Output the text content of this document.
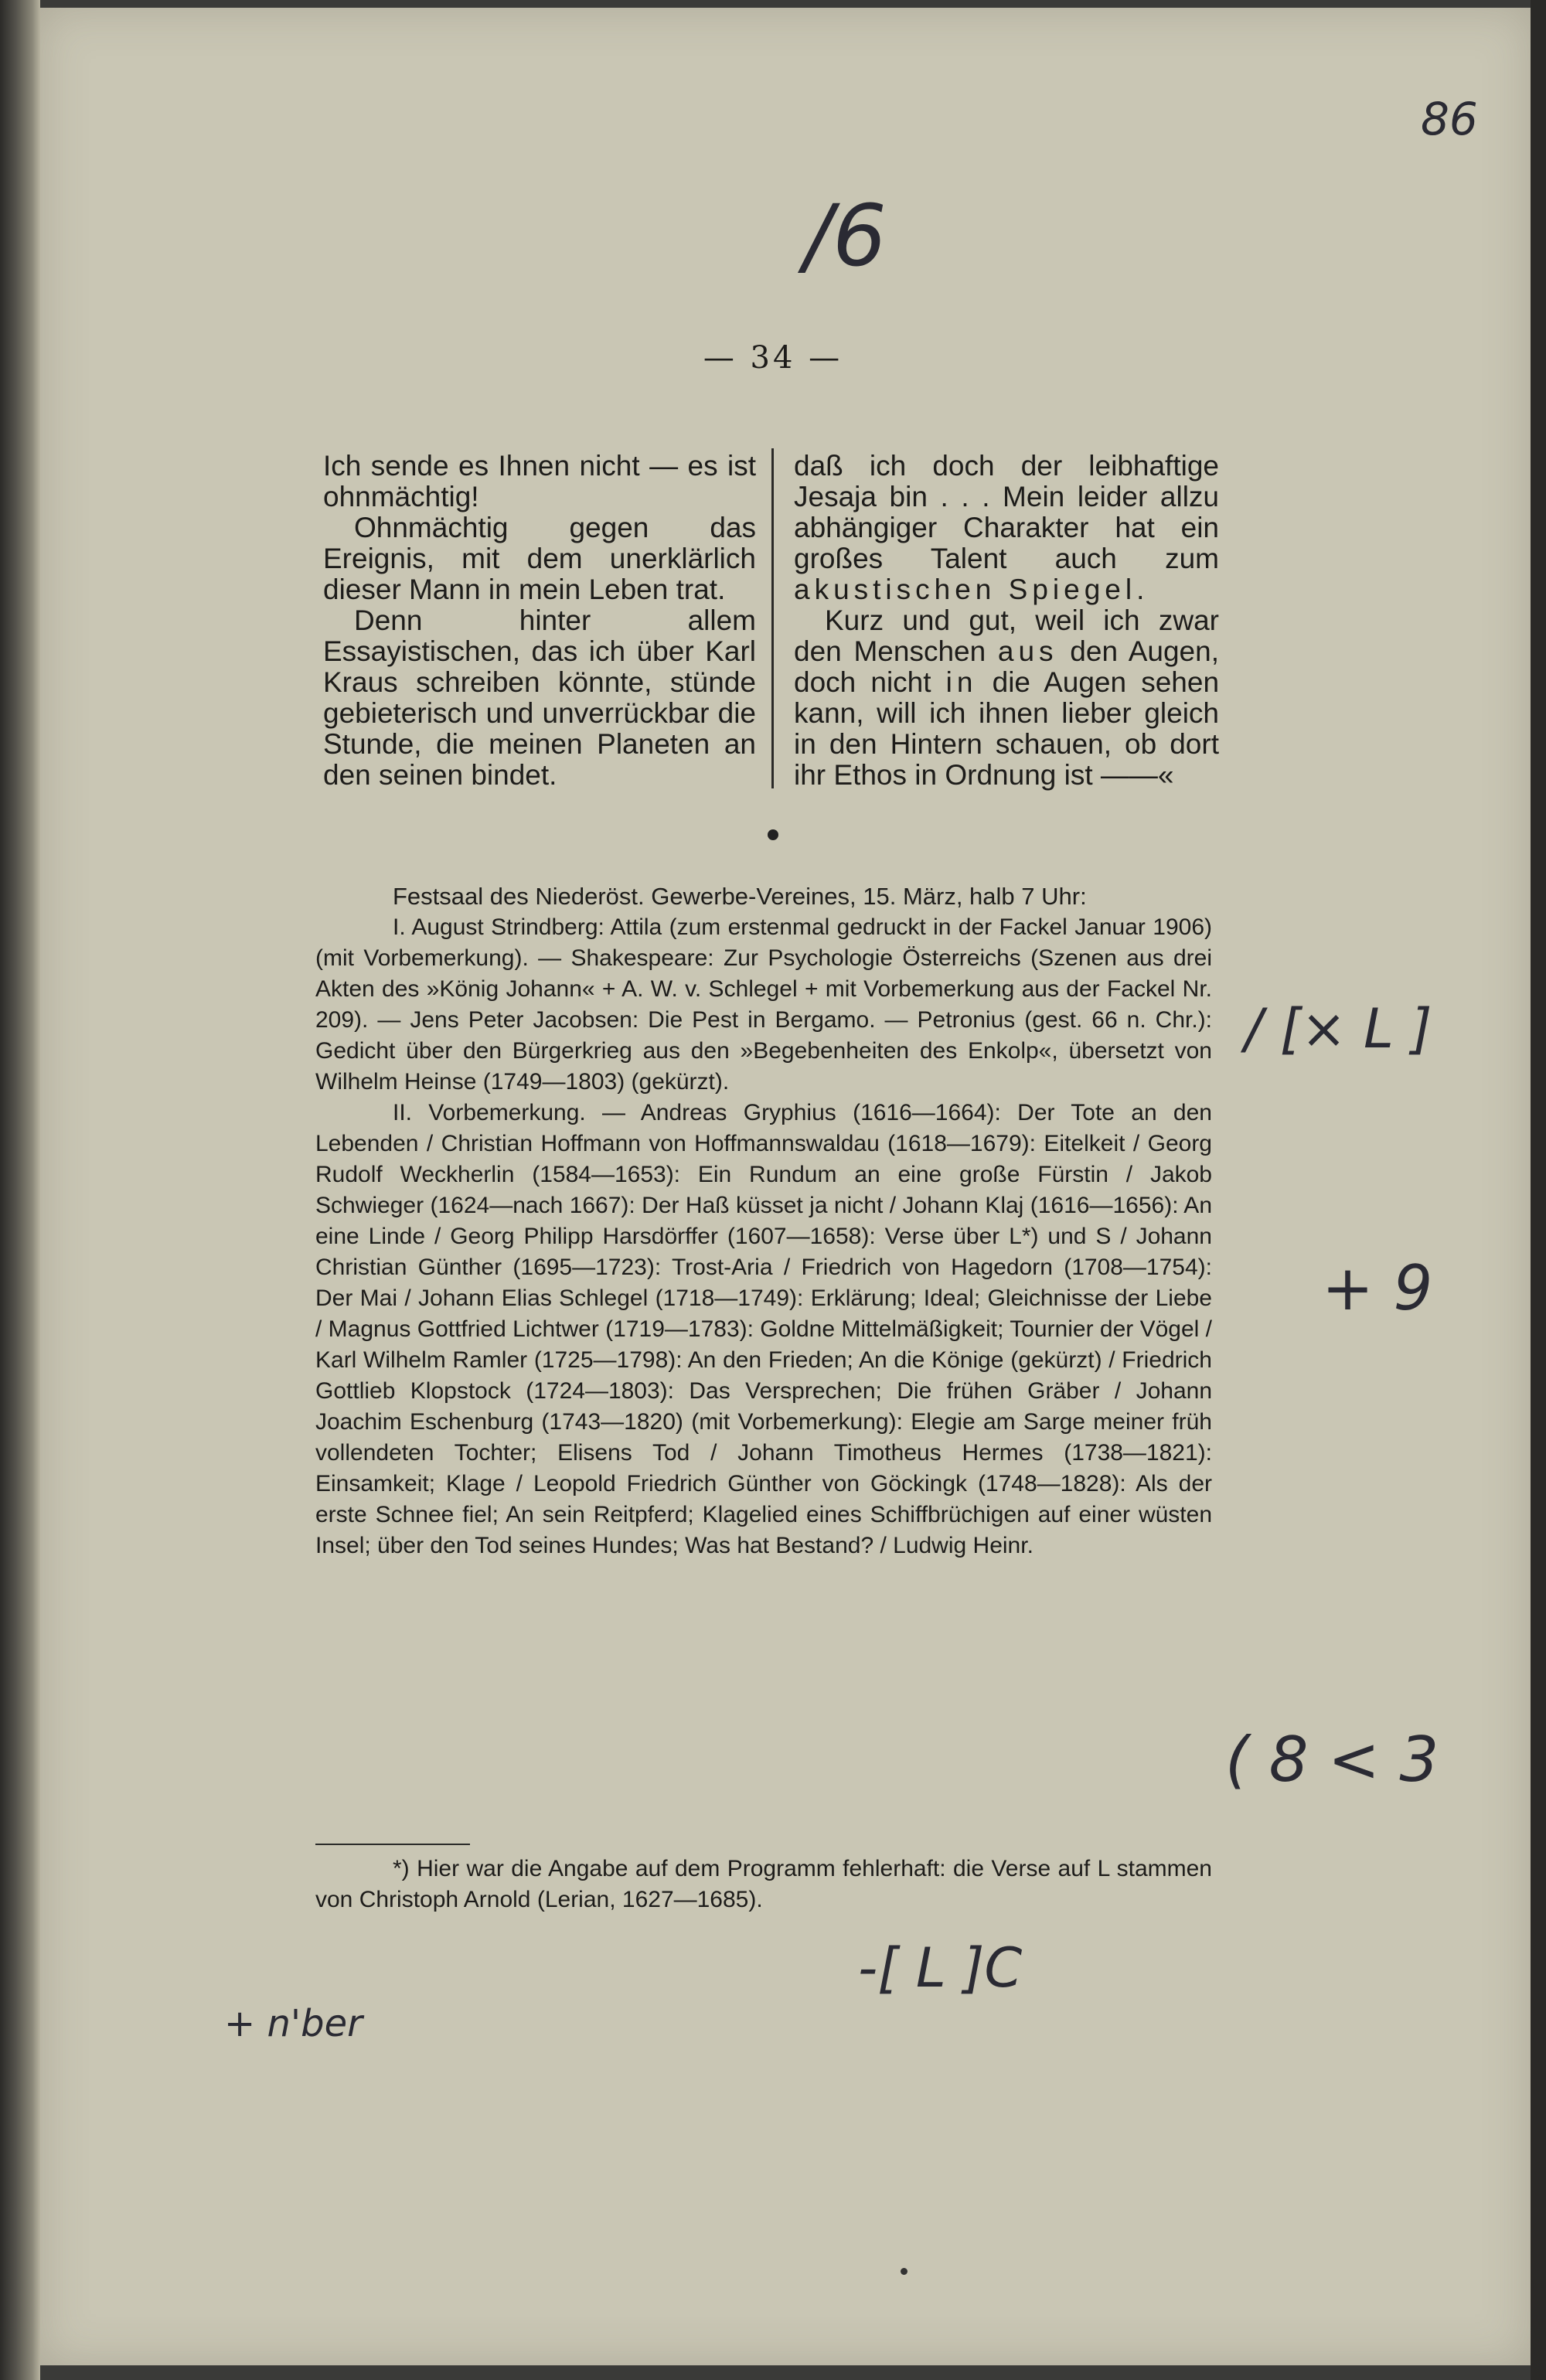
86
/6
— 34 —

Ich sende es Ihnen nicht — es ist ohnmächtig!

Ohnmächtig gegen das Ereignis, mit dem unerklärlich dieser Mann in mein Leben trat.

Denn hinter allem Essayistischen, das ich über Karl Kraus schreiben könnte, stünde gebieterisch und unverrückbar die Stunde, die meinen Planeten an den seinen bindet.

daß ich doch der leibhaftige Jesaja bin . . . Mein leider allzu abhängiger Charakter hat ein großes Talent auch zum akustischen Spiegel.

Kurz und gut, weil ich zwar den Menschen aus den Augen, doch nicht in die Augen sehen kann, will ich ihnen lieber gleich in den Hintern schauen, ob dort ihr Ethos in Ordnung ist ——«

Festsaal des Niederöst. Gewerbe-Vereines, 15. März, halb 7 Uhr:

I. August Strindberg: Attila (zum erstenmal gedruckt in der Fackel Januar 1906) (mit Vorbemerkung). — Shakespeare: Zur Psychologie Österreichs (Szenen aus drei Akten des »König Johann« + A. W. v. Schlegel + mit Vorbemerkung aus der Fackel Nr. 209). — Jens Peter Jacobsen: Die Pest in Bergamo. — Petronius (gest. 66 n. Chr.): Gedicht über den Bürgerkrieg aus den »Begebenheiten des Enkolp«, übersetzt von Wilhelm Heinse (1749—1803) (gekürzt).

II. Vorbemerkung. — Andreas Gryphius (1616—1664): Der Tote an den Lebenden / Christian Hoffmann von Hoffmannswaldau (1618—1679): Eitelkeit / Georg Rudolf Weckherlin (1584—1653): Ein Rundum an eine große Fürstin / Jakob Schwieger (1624—nach 1667): Der Haß küsset ja nicht / Johann Klaj (1616—1656): An eine Linde / Georg Philipp Harsdörffer (1607—1658): Verse über L*) und S / Johann Christian Günther (1695—1723): Trost-Aria / Friedrich von Hagedorn (1708—1754): Der Mai / Johann Elias Schlegel (1718—1749): Erklärung; Ideal; Gleichnisse der Liebe / Magnus Gottfried Lichtwer (1719—1783): Goldne Mittelmäßigkeit; Tournier der Vögel / Karl Wilhelm Ramler (1725—1798): An den Frieden; An die Könige (gekürzt) / Friedrich Gottlieb Klopstock (1724—1803): Das Versprechen; Die frühen Gräber / Johann Joachim Eschenburg (1743—1820) (mit Vorbemerkung): Elegie am Sarge meiner früh vollendeten Tochter; Elisens Tod / Johann Timotheus Hermes (1738—1821): Einsamkeit; Klage / Leopold Friedrich Günther von Göckingk (1748—1828): Als der erste Schnee fiel; An sein Reitpferd; Klagelied eines Schiffbrüchigen auf einer wüsten Insel; über den Tod seines Hundes; Was hat Bestand? / Ludwig Heinr.

*) Hier war die Angabe auf dem Programm fehlerhaft: die Verse auf L stammen von Christoph Arnold (Lerian, 1627—1685).
/ [× L ]
+ 9
( 8 < 3
-[ L ]C
+ n'ber
